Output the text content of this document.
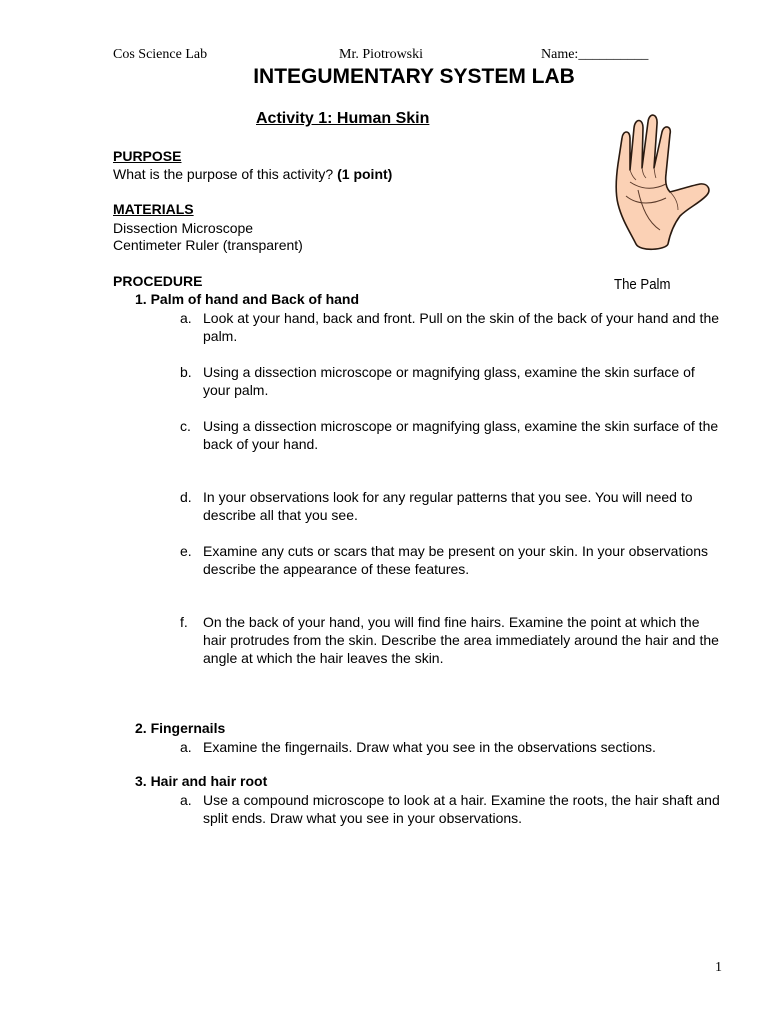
Cos Science Lab	Mr. Piotrowski	Name:__________
INTEGUMENTARY SYSTEM LAB
Activity 1: Human Skin
The Palm
PURPOSE
What is the purpose of this activity? (1 point)
MATERIALS
Dissection Microscope
Centimeter Ruler (transparent)
PROCEDURE
1. Palm of hand and Back of hand
a. Look at your hand, back and front. Pull on the skin of the back of your hand and the palm.
b. Using a dissection microscope or magnifying glass, examine the skin surface of your palm.
c. Using a dissection microscope or magnifying glass, examine the skin surface of the back of your hand.
d. In your observations look for any regular patterns that you see. You will need to describe all that you see.
e. Examine any cuts or scars that may be present on your skin. In your observations describe the appearance of these features.
f. On the back of your hand, you will find fine hairs. Examine the point at which the hair protrudes from the skin. Describe the area immediately around the hair and the angle at which the hair leaves the skin.
2. Fingernails
a. Examine the fingernails. Draw what you see in the observations sections.
3. Hair and hair root
a. Use a compound microscope to look at a hair. Examine the roots, the hair shaft and split ends. Draw what you see in your observations.
1
